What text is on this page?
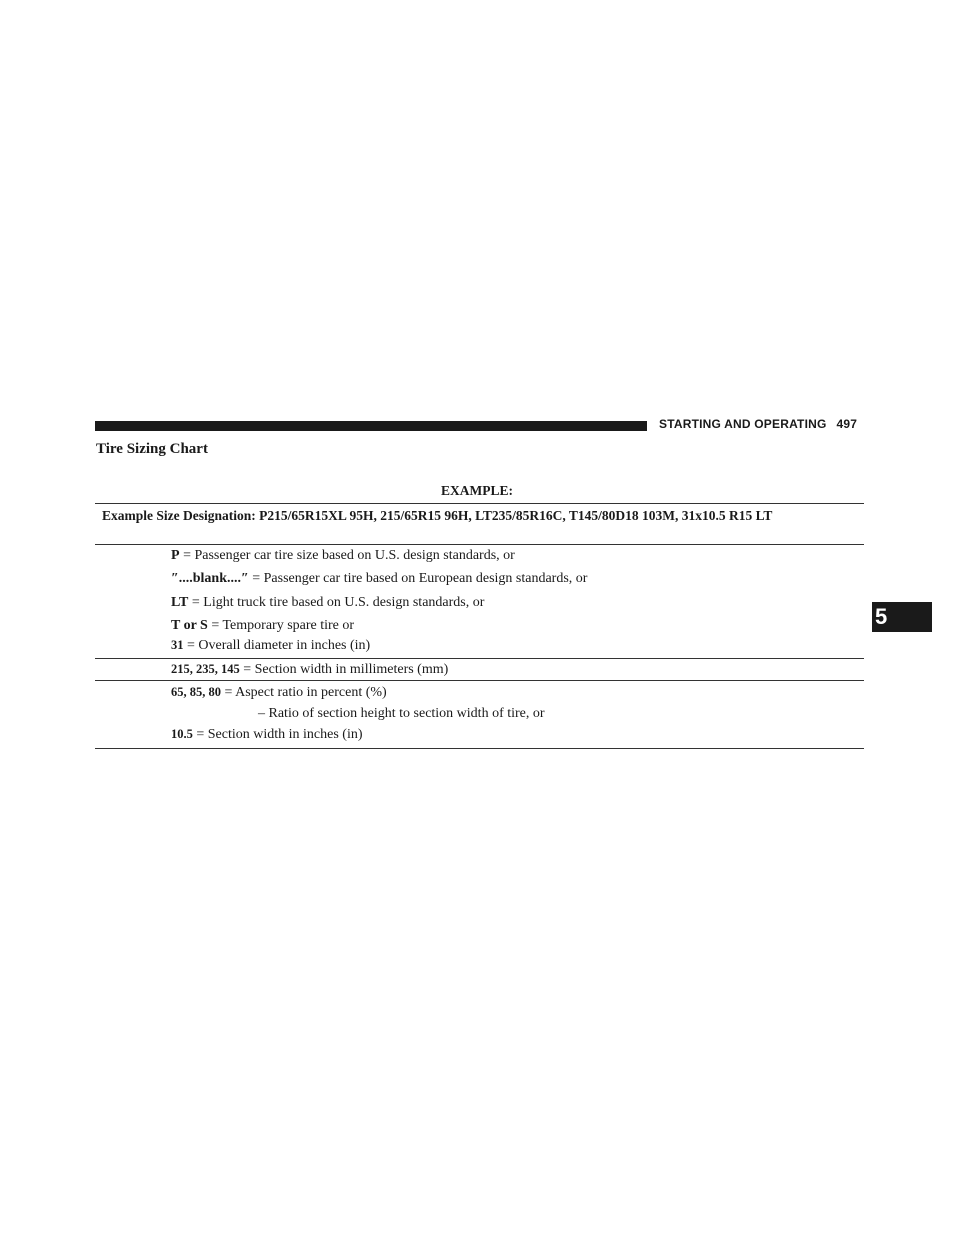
STARTING AND OPERATING 497
5
Tire Sizing Chart
EXAMPLE:
Example Size Designation: P215/65R15XL 95H, 215/65R15 96H, LT235/85R16C, T145/80D18 103M, 31x10.5 R15 LT
P = Passenger car tire size based on U.S. design standards, or
″....blank....″ = Passenger car tire based on European design standards, or
LT = Light truck tire based on U.S. design standards, or
T or S = Temporary spare tire or
31 = Overall diameter in inches (in)
215, 235, 145 = Section width in millimeters (mm)
65, 85, 80 = Aspect ratio in percent (%)
– Ratio of section height to section width of tire, or
10.5 = Section width in inches (in)
